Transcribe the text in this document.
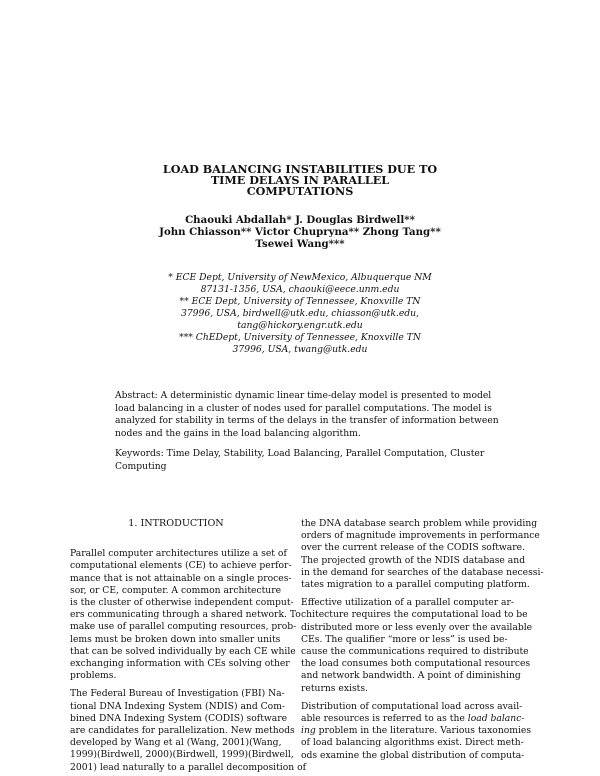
LOAD BALANCING INSTABILITIES DUE TO
TIME DELAYS IN PARALLEL
COMPUTATIONS
Chaouki Abdallah* J. Douglas Birdwell**
John Chiasson** Victor Chupryna** Zhong Tang**
Tsewei Wang***
* ECE Dept, University of NewMexico, Albuquerque NM
87131-1356, USA, chaouki@eece.unm.edu
** ECE Dept, University of Tennessee, Knoxville TN
37996, USA, birdwell@utk.edu, chiasson@utk.edu,
tang@hickory.engr.utk.edu
*** ChEDept, University of Tennessee, Knoxville TN
37996, USA, twang@utk.edu
Abstract: A deterministic dynamic linear time-delay model is presented to model
load balancing in a cluster of nodes used for parallel computations. The model is
analyzed for stability in terms of the delays in the transfer of information between
nodes and the gains in the load balancing algorithm.
Keywords: Time Delay, Stability, Load Balancing, Parallel Computation, Cluster
Computing
1. INTRODUCTION

Parallel computer architectures utilize a set of
computational elements (CE) to achieve perfor-
mance that is not attainable on a single proces-
sor, or CE, computer. A common architecture
is the cluster of otherwise independent comput-
ers communicating through a shared network. To
make use of parallel computing resources, prob-
lems must be broken down into smaller units
that can be solved individually by each CE while
exchanging information with CEs solving other
problems.

The Federal Bureau of Investigation (FBI) Na-
tional DNA Indexing System (NDIS) and Com-
bined DNA Indexing System (CODIS) software
are candidates for parallelization. New methods
developed by Wang et al (Wang, 2001)(Wang,
1999)(Birdwell, 2000)(Birdwell, 1999)(Birdwell,
2001) lead naturally to a parallel decomposition of

the DNA database search problem while providing
orders of magnitude improvements in performance
over the current release of the CODIS software.
The projected growth of the NDIS database and
in the demand for searches of the database necessi-
tates migration to a parallel computing platform.

Effective utilization of a parallel computer ar-
chitecture requires the computational load to be
distributed more or less evenly over the available
CEs. The qualifier “more or less” is used be-
cause the communications required to distribute
the load consumes both computational resources
and network bandwidth. A point of diminishing
returns exists.

Distribution of computational load across avail-
able resources is referred to as the load balanc-
ing problem in the literature. Various taxonomies
of load balancing algorithms exist. Direct meth-
ods examine the global distribution of computa-
